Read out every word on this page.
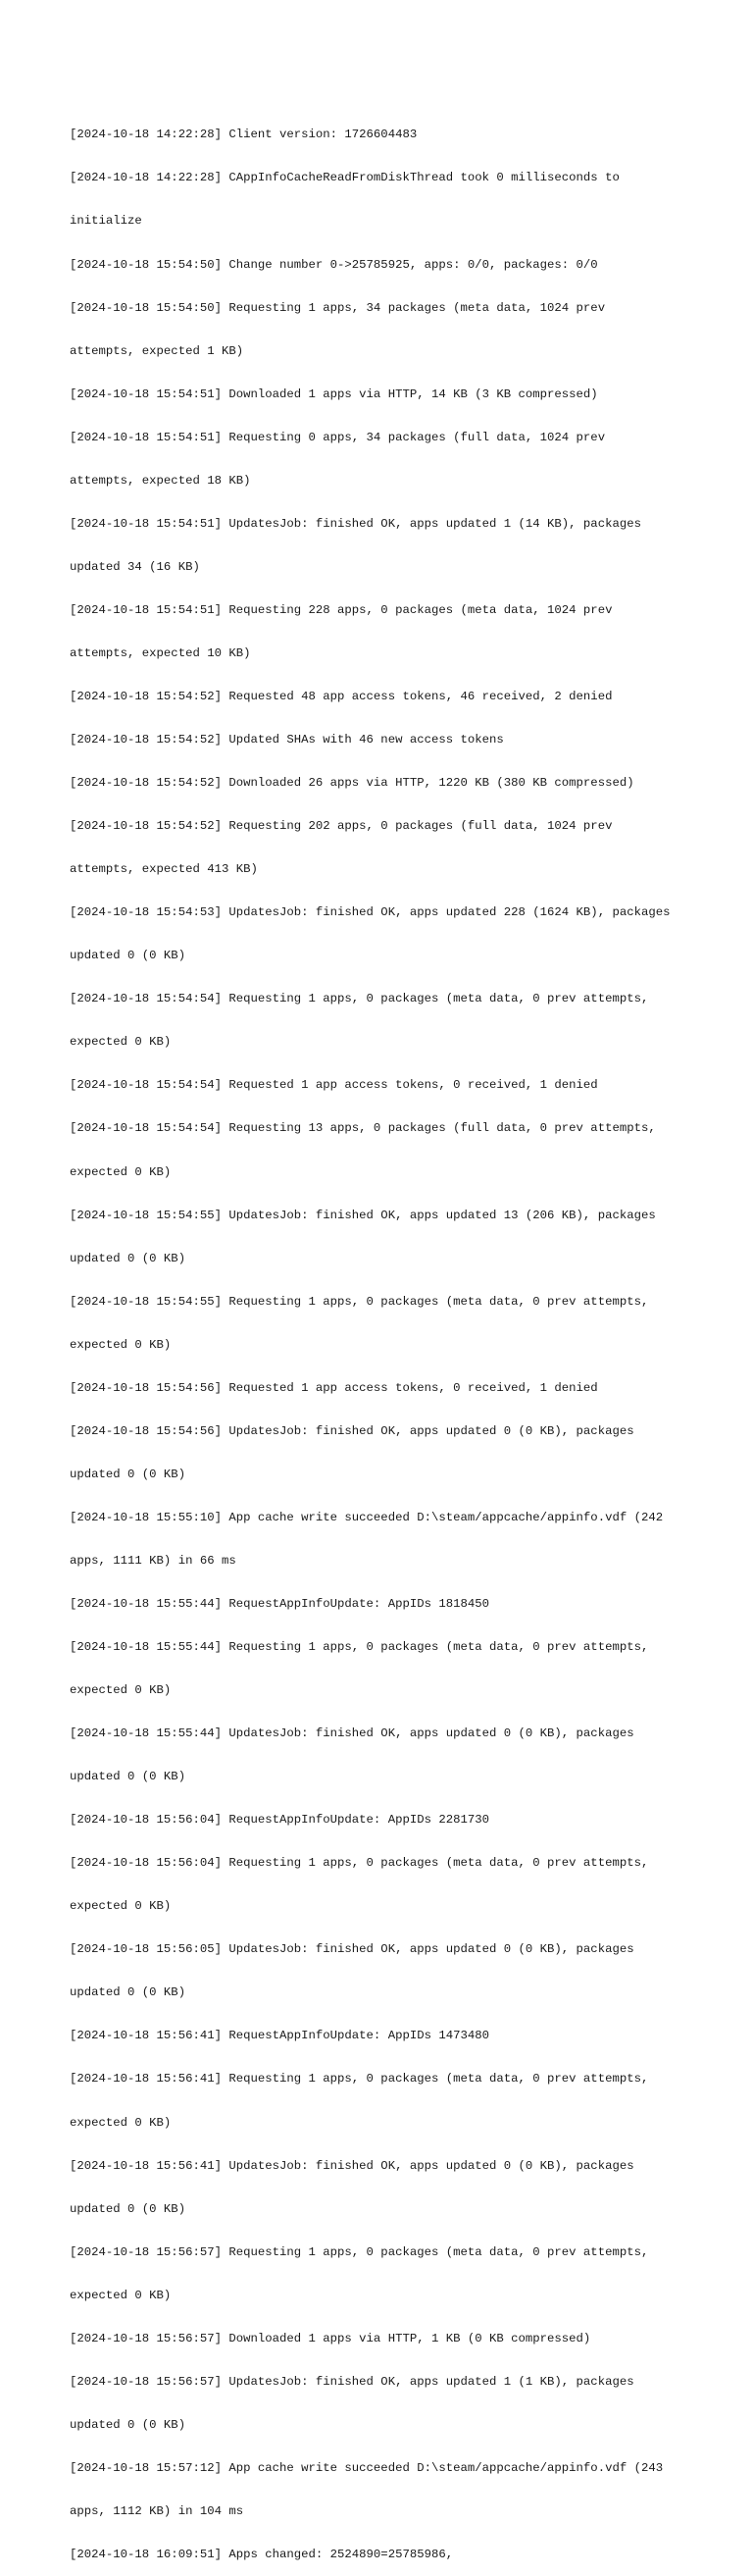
[2024-10-18 14:22:28] Client version: 1726604483

[2024-10-18 14:22:28] CAppInfoCacheReadFromDiskThread took 0 milliseconds to

initialize

[2024-10-18 15:54:50] Change number 0->25785925, apps: 0/0, packages: 0/0

[2024-10-18 15:54:50] Requesting 1 apps, 34 packages (meta data, 1024 prev

attempts, expected 1 KB)

[2024-10-18 15:54:51] Downloaded 1 apps via HTTP, 14 KB (3 KB compressed)

[2024-10-18 15:54:51] Requesting 0 apps, 34 packages (full data, 1024 prev

attempts, expected 18 KB)

[2024-10-18 15:54:51] UpdatesJob: finished OK, apps updated 1 (14 KB), packages

updated 34 (16 KB)

[2024-10-18 15:54:51] Requesting 228 apps, 0 packages (meta data, 1024 prev

attempts, expected 10 KB)

[2024-10-18 15:54:52] Requested 48 app access tokens, 46 received, 2 denied

[2024-10-18 15:54:52] Updated SHAs with 46 new access tokens

[2024-10-18 15:54:52] Downloaded 26 apps via HTTP, 1220 KB (380 KB compressed)

[2024-10-18 15:54:52] Requesting 202 apps, 0 packages (full data, 1024 prev

attempts, expected 413 KB)

[2024-10-18 15:54:53] UpdatesJob: finished OK, apps updated 228 (1624 KB), packages

updated 0 (0 KB)

[2024-10-18 15:54:54] Requesting 1 apps, 0 packages (meta data, 0 prev attempts,

expected 0 KB)

[2024-10-18 15:54:54] Requested 1 app access tokens, 0 received, 1 denied

[2024-10-18 15:54:54] Requesting 13 apps, 0 packages (full data, 0 prev attempts,

expected 0 KB)

[2024-10-18 15:54:55] UpdatesJob: finished OK, apps updated 13 (206 KB), packages

updated 0 (0 KB)

[2024-10-18 15:54:55] Requesting 1 apps, 0 packages (meta data, 0 prev attempts,

expected 0 KB)

[2024-10-18 15:54:56] Requested 1 app access tokens, 0 received, 1 denied

[2024-10-18 15:54:56] UpdatesJob: finished OK, apps updated 0 (0 KB), packages

updated 0 (0 KB)

[2024-10-18 15:55:10] App cache write succeeded D:\steam/appcache/appinfo.vdf (242

apps, 1111 KB) in 66 ms

[2024-10-18 15:55:44] RequestAppInfoUpdate: AppIDs 1818450

[2024-10-18 15:55:44] Requesting 1 apps, 0 packages (meta data, 0 prev attempts,

expected 0 KB)

[2024-10-18 15:55:44] UpdatesJob: finished OK, apps updated 0 (0 KB), packages

updated 0 (0 KB)

[2024-10-18 15:56:04] RequestAppInfoUpdate: AppIDs 2281730

[2024-10-18 15:56:04] Requesting 1 apps, 0 packages (meta data, 0 prev attempts,

expected 0 KB)

[2024-10-18 15:56:05] UpdatesJob: finished OK, apps updated 0 (0 KB), packages

updated 0 (0 KB)

[2024-10-18 15:56:41] RequestAppInfoUpdate: AppIDs 1473480

[2024-10-18 15:56:41] Requesting 1 apps, 0 packages (meta data, 0 prev attempts,

expected 0 KB)

[2024-10-18 15:56:41] UpdatesJob: finished OK, apps updated 0 (0 KB), packages

updated 0 (0 KB)

[2024-10-18 15:56:57] Requesting 1 apps, 0 packages (meta data, 0 prev attempts,

expected 0 KB)

[2024-10-18 15:56:57] Downloaded 1 apps via HTTP, 1 KB (0 KB compressed)

[2024-10-18 15:56:57] UpdatesJob: finished OK, apps updated 1 (1 KB), packages

updated 0 (0 KB)

[2024-10-18 15:57:12] App cache write succeeded D:\steam/appcache/appinfo.vdf (243

apps, 1112 KB) in 104 ms

[2024-10-18 16:09:51] Apps changed: 2524890=25785986,
